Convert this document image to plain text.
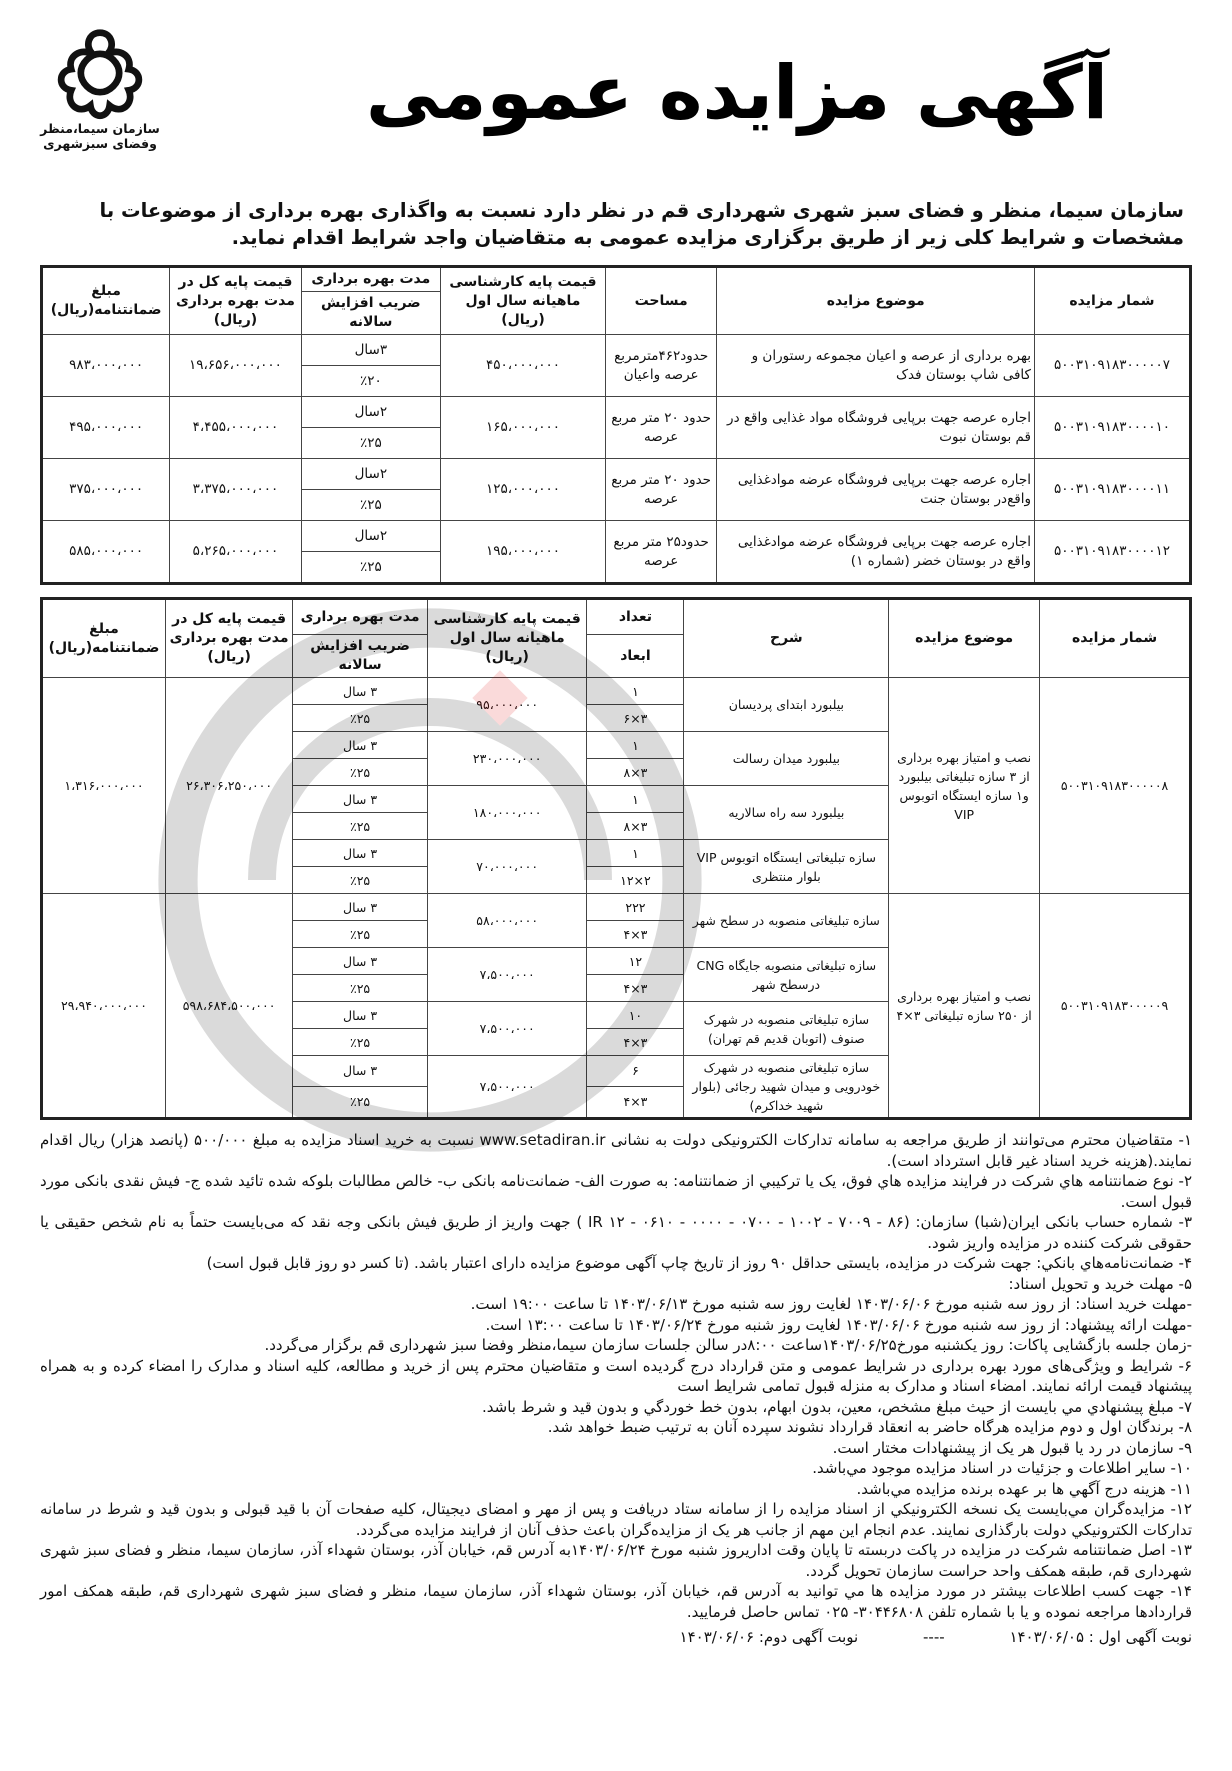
آگهی مزایده عمومی
سازمان سیما،منظر
وفضای سبزشهری
سازمان سیما، منظر و فضای سبز شهری شهرداری قم در نظر دارد نسبت به واگذاری بهره برداری از موضوعات با مشخصات و شرایط کلی زیر از طریق برگزاری مزایده عمومی به متقاضیان واجد شرایط اقدام نماید.
شمار مزایده	موضوع مزایده	مساحت	قیمت پایه کارشناسی ماهیانه سال اول (ریال)	مدت بهره برداری	قیمت پایه کل در مدت بهره برداری (ریال)	مبلغ ضمانتنامه(ریال)
				ضریب افزایش سالانه		
۵۰۰۳۱۰۹۱۸۳۰۰۰۰۰۷	بهره برداری از عرصه و اعیان مجموعه رستوران و کافی شاپ بوستان فدک	حدود۴۶۲مترمربع عرصه واعیان	۴۵۰،۰۰۰،۰۰۰	۳سال	۱۹،۶۵۶،۰۰۰،۰۰۰	۹۸۳،۰۰۰،۰۰۰
				٪۲۰		
۵۰۰۳۱۰۹۱۸۳۰۰۰۰۱۰	اجاره عرصه جهت برپایی فروشگاه مواد غذایی واقع در قم بوستان نبوت	حدود ۲۰ متر مربع عرصه	۱۶۵،۰۰۰،۰۰۰	۲سال	۴،۴۵۵،۰۰۰،۰۰۰	۴۹۵،۰۰۰،۰۰۰
				٪۲۵		
۵۰۰۳۱۰۹۱۸۳۰۰۰۰۱۱	اجاره عرصه جهت برپایی فروشگاه عرضه موادغذایی واقع‌در بوستان جنت	حدود ۲۰ متر مربع عرصه	۱۲۵،۰۰۰،۰۰۰	۲سال	۳،۳۷۵،۰۰۰،۰۰۰	۳۷۵،۰۰۰،۰۰۰
				٪۲۵		
۵۰۰۳۱۰۹۱۸۳۰۰۰۰۱۲	اجاره عرصه جهت برپایی فروشگاه عرضه موادغذایی واقع در بوستان خضر (شماره ۱)	حدود۲۵ متر مربع عرصه	۱۹۵،۰۰۰،۰۰۰	۲سال	۵،۲۶۵،۰۰۰،۰۰۰	۵۸۵،۰۰۰،۰۰۰
				٪۲۵		
شمار مزایده	موضوع مزایده	شرح	تعداد	قیمت پایه کارشناسی ماهیانه سال اول (ریال)	مدت بهره برداری	قیمت پایه کل در مدت بهره برداری (ریال)	مبلغ ضمانتنامه(ریال)
			ابعاد		ضریب افزایش سالانه		
۵۰۰۳۱۰۹۱۸۳۰۰۰۰۰۸	نصب و امتیاز بهره برداری از ۳ سازه تبلیغاتی بیلبورد و۱ سازه ایستگاه اتوبوس VIP	بیلبورد ابتدای پردیسان	۱	۹۵،۰۰۰،۰۰۰	۳ سال	۲۶،۳۰۶،۲۵۰،۰۰۰	۱،۳۱۶،۰۰۰،۰۰۰
			۳×۶		٪۲۵		
		بیلبورد میدان رسالت	۱	۲۳۰،۰۰۰،۰۰۰	۳ سال		
			۳×۸		٪۲۵		
		بیلبورد سه راه سالاریه	۱	۱۸۰،۰۰۰،۰۰۰	۳ سال		
			۳×۸		٪۲۵		
		سازه تبلیغاتی ایستگاه اتوبوس VIP بلوار منتظری	۱	۷۰،۰۰۰،۰۰۰	۳ سال		
			۲×۱۲		٪۲۵		
۵۰۰۳۱۰۹۱۸۳۰۰۰۰۰۹	نصب و امتیاز بهره برداری از ۲۵۰ سازه تبلیغاتی ۳×۴	سازه تبلیغاتی منصوبه در سطح شهر	۲۲۲	۵۸،۰۰۰،۰۰۰	۳ سال	۵۹۸،۶۸۴،۵۰۰،۰۰۰	۲۹،۹۴۰،۰۰۰،۰۰۰
			۳×۴		٪۲۵		
		سازه تبلیغاتی منصوبه جایگاه CNG درسطح شهر	۱۲	۷،۵۰۰،۰۰۰	۳ سال		
			۳×۴		٪۲۵		
		سازه تبلیغاتی منصوبه در شهرک صنوف (اتوبان قدیم قم تهران)	۱۰	۷،۵۰۰،۰۰۰	۳ سال		
			۳×۴		٪۲۵		
		سازه تبلیغاتی منصوبه در شهرک خودرویی و میدان شهید رجائی (بلوار شهید خداکرم)	۶	۷،۵۰۰،۰۰۰	۳ سال		
			۳×۴		٪۲۵		

۱- متقاضیان محترم می‌توانند از طریق مراجعه به سامانه تدارکات الکترونیکی دولت به نشانی www.setadiran.ir نسبت به خرید اسناد مزایده به مبلغ ۵۰۰/۰۰۰ (پانصد هزار) ریال اقدام نمایند.(هزینه خرید اسناد غیر قابل استرداد است).

۲- نوع ضمانتنامه هاي شركت در فرايند مزايده هاي فوق، يک يا تركيبي از ضمانتنامه: به صورت الف- ضمانت‌نامه بانکی ب- خالص مطالبات بلوکه شده تائید شده ج- فیش نقدی بانکی مورد قبول است.

۳- شماره حساب بانکی ایران(شبا) سازمان: (۸۶ - ۷۰۰۹ - ۱۰۰۲ - ۰۷۰۰ - ۰۰۰۰ - ۰۶۱۰ - ۱۲ IR ) جهت واریز از طریق فیش بانکی وجه نقد که می‌بایست حتماً به نام شخص حقیقی یا حقوقی شرکت کننده در مزایده واریز شود.

۴- ضمانت‌نامه‌هاي بانكي: جهت شرکت در مزایده، بایستی حداقل ۹۰ روز از تاریخ چاپ آگهی موضوع مزایده دارای اعتبار باشد. (تا کسر دو روز قابل قبول است)

۵- مهلت خرید و تحویل اسناد:

-مهلت خرید اسناد: از روز سه شنبه مورخ ۱۴۰۳/۰۶/۰۶ لغایت روز سه شنبه مورخ ۱۴۰۳/۰۶/۱۳ تا ساعت ۱۹:۰۰ است.

-مهلت ارائه پیشنهاد: از روز سه شنبه مورخ ۱۴۰۳/۰۶/۰۶ لغایت روز شنبه مورخ ۱۴۰۳/۰۶/۲۴ تا ساعت ۱۳:۰۰ است.

-زمان جلسه بازگشایی پاکات: روز یکشنبه مورخ۱۴۰۳/۰۶/۲۵ساعت ۸:۰۰در سالن جلسات سازمان سیما،منظر وفضا سبز شهرداری قم برگزار می‌گردد.

۶- شرایط و ویژگی‌های مورد بهره برداری در شرایط عمومی و متن قرارداد درج گردیده است و متقاضیان محترم پس از خرید و مطالعه، کلیه اسناد و مدارک را امضاء کرده و به همراه پیشنهاد قیمت ارائه نمایند. امضاء اسناد و مدارک به منزله قبول تمامی شرایط است

۷- مبلغ پیشنهادي مي بایست از حیث مبلغ مشخص، معین، بدون ابهام، بدون خط خوردگي و بدون قید و شرط باشد.

۸- برندگان اول و دوم مزایده هرگاه حاضر به انعقاد قرارداد نشوند سپرده آنان به ترتیب ضبط خواهد شد.

۹- سازمان در رد یا قبول هر یک از پیشنهادات مختار است.

۱۰- سایر اطلاعات و جزئیات در اسناد مزایده موجود مي‌باشد.

۱۱- هزینه درج آگهي ها بر عهده برنده مزایده مي‌باشد.

۱۲- مزایده‌گران مي‌بایست یک نسخه الکترونیکي از اسناد مزایده را از سامانه ستاد دریافت و پس از مهر و امضای دیجیتال، کلیه صفحات آن با قید قبولی و بدون قید و شرط در سامانه تدارکات الکترونیکي دولت بارگذاری نمایند. عدم انجام این مهم از جانب هر یک از مزایده‌گران باعث حذف آنان از فرایند مزایده می‌گردد.

۱۳- اصل ضمانتنامه شرکت در مزایده در پاکت دربسته تا پایان وقت اداریروز شنبه مورخ ۱۴۰۳/۰۶/۲۴به آدرس قم، خیابان آذر، بوستان شهداء آذر، سازمان سیما، منظر و فضای سبز شهری شهرداری قم، طبقه همکف واحد حراست سازمان تحویل گردد.

۱۴- جهت کسب اطلاعات بیشتر در مورد مزایده ها مي توانید به آدرس قم، خیابان آذر، بوستان شهداء آذر، سازمان سیما، منظر و فضای سبز شهری شهرداری قم، طبقه همکف امور قراردادها مراجعه نموده و یا با شماره تلفن ۳۰۴۴۶۸۰۸- ۰۲۵ تماس حاصل فرمایید.

نوبت آگهی اول : ۱۴۰۳/۰۶/۰۵ ---- نوبت آگهی دوم: ۱۴۰۳/۰۶/۰۶
